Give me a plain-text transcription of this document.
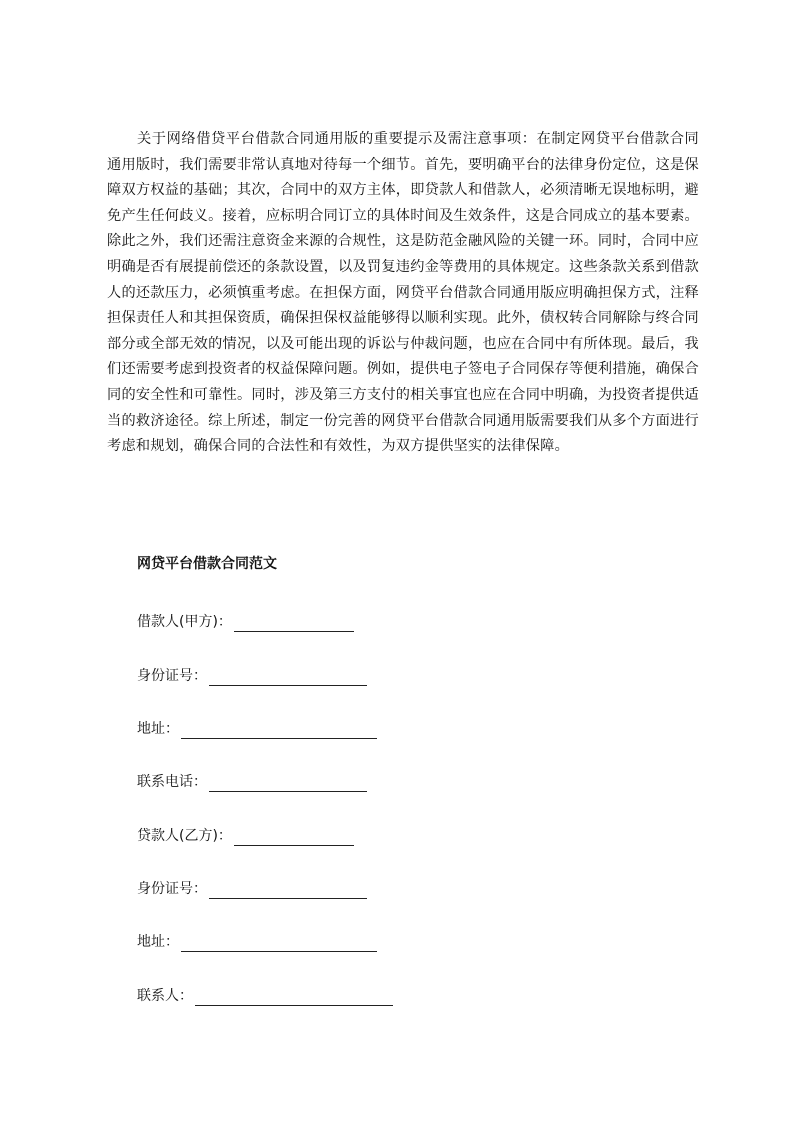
关于网络借贷平台借款合同通用版的重要提示及需注意事项：在制定网贷平台借款合同通用版时，我们需要非常认真地对待每一个细节。首先，要明确平台的法律身份定位，这是保障双方权益的基础；其次，合同中的双方主体，即贷款人和借款人，必须清晰无误地标明，避免产生任何歧义。接着，应标明合同订立的具体时间及生效条件，这是合同成立的基本要素。除此之外，我们还需注意资金来源的合规性，这是防范金融风险的关键一环。同时，合同中应明确是否有展提前偿还的条款设置，以及罚复违约金等费用的具体规定。这些条款关系到借款人的还款压力，必须慎重考虑。在担保方面，网贷平台借款合同通用版应明确担保方式，注释担保责任人和其担保资质，确保担保权益能够得以顺利实现。此外，债权转合同解除与终合同部分或全部无效的情况，以及可能出现的诉讼与仲裁问题，也应在合同中有所体现。最后，我们还需要考虑到投资者的权益保障问题。例如，提供电子签电子合同保存等便利措施，确保合同的安全性和可靠性。同时，涉及第三方支付的相关事宜也应在合同中明确，为投资者提供适当的救济途径。综上所述，制定一份完善的网贷平台借款合同通用版需要我们从多个方面进行考虑和规划，确保合同的合法性和有效性，为双方提供坚实的法律保障。

网贷平台借款合同范文
借款人(甲方)：
身份证号：
地址：
联系电话：
贷款人(乙方)：
身份证号：
地址：
联系人：
